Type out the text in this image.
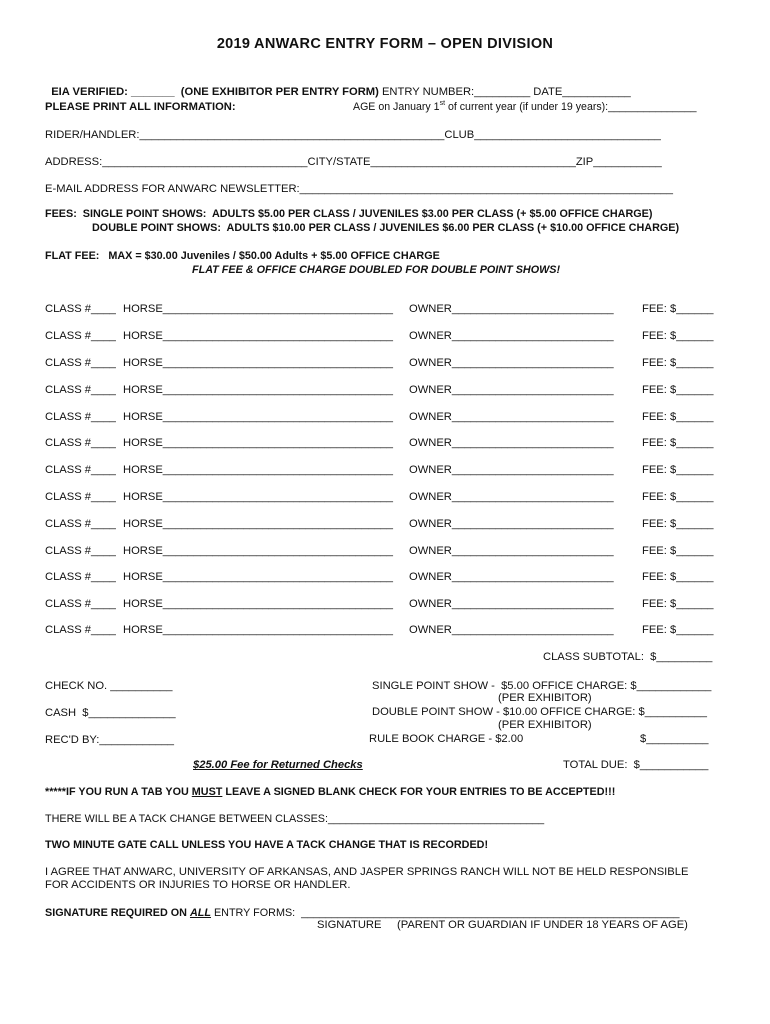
2019 ANWARC ENTRY FORM – OPEN DIVISION

EIA VERIFIED: _______ (ONE EXHIBITOR PER ENTRY FORM) ENTRY NUMBER:_________ DATE___________

PLEASE PRINT ALL INFORMATION:	AGE on January 1st of current year (if under 19 years):_______________
RIDER/HANDLER:_________________________________________________CLUB______________________________
ADDRESS:_________________________________CITY/STATE_________________________________ZIP___________
E-MAIL ADDRESS FOR ANWARC NEWSLETTER:____________________________________________________________
FEES:  SINGLE POINT SHOWS:  ADULTS $5.00 PER CLASS / JUVENILES $3.00 PER CLASS (+ $5.00 OFFICE CHARGE)
DOUBLE POINT SHOWS:  ADULTS $10.00 PER CLASS / JUVENILES $6.00 PER CLASS (+ $10.00 OFFICE CHARGE)
FLAT FEE:   MAX = $30.00 Juveniles / $50.00 Adults + $5.00 OFFICE CHARGE
FLAT FEE & OFFICE CHARGE DOUBLED FOR DOUBLE POINT SHOWS!
CLASS #____ HORSE_____________________________________ OWNER__________________________	FEE: $______
CLASS #____ HORSE_____________________________________ OWNER__________________________	FEE: $______
CLASS #____ HORSE_____________________________________ OWNER__________________________	FEE: $______
CLASS #____ HORSE_____________________________________ OWNER__________________________	FEE: $______
CLASS #____ HORSE_____________________________________ OWNER__________________________	FEE: $______
CLASS #____ HORSE_____________________________________ OWNER__________________________	FEE: $______
CLASS #____ HORSE_____________________________________ OWNER__________________________	FEE: $______
CLASS #____ HORSE_____________________________________ OWNER__________________________	FEE: $______
CLASS #____ HORSE_____________________________________ OWNER__________________________	FEE: $______
CLASS #____ HORSE_____________________________________ OWNER__________________________	FEE: $______
CLASS #____ HORSE_____________________________________ OWNER__________________________	FEE: $______
CLASS #____ HORSE_____________________________________ OWNER__________________________	FEE: $______
CLASS #____ HORSE_____________________________________ OWNER__________________________	FEE: $______
CLASS SUBTOTAL:  $_________
CHECK NO. __________
CASH  $______________
REC'D BY:____________
SINGLE POINT SHOW -  $5.00 OFFICE CHARGE: $____________
(PER EXHIBITOR)
DOUBLE POINT SHOW - $10.00 OFFICE CHARGE: $__________
(PER EXHIBITOR)
RULE BOOK CHARGE - $2.00	$__________
$25.00 Fee for Returned Checks	TOTAL DUE:  $___________
*****IF YOU RUN A TAB YOU MUST LEAVE A SIGNED BLANK CHECK FOR YOUR ENTRIES TO BE ACCEPTED!!!
THERE WILL BE A TACK CHANGE BETWEEN CLASSES:____________________________________
TWO MINUTE GATE CALL UNLESS YOU HAVE A TACK CHANGE THAT IS RECORDED!
I AGREE THAT ANWARC, UNIVERSITY OF ARKANSAS, AND JASPER SPRINGS RANCH WILL NOT BE HELD RESPONSIBLE
FOR ACCIDENTS OR INJURIES TO HORSE OR HANDLER.
SIGNATURE REQUIRED ON ALL ENTRY FORMS:  _______________________________________________________________
SIGNATURE     (PARENT OR GUARDIAN IF UNDER 18 YEARS OF AGE)
